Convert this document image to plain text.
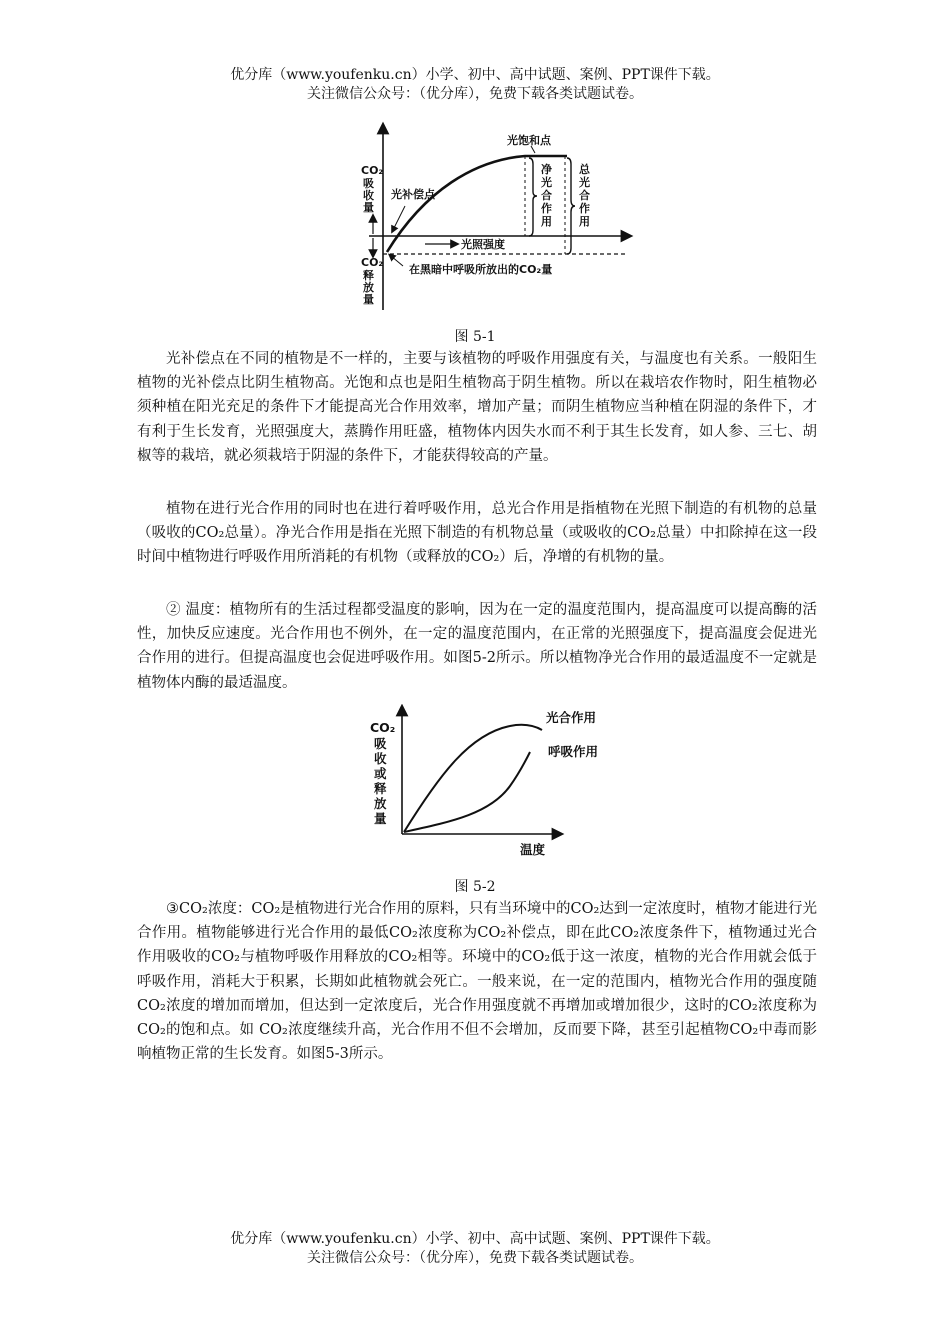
优分库（www.youfenku.cn）小学、初中、高中试题、案例、PPT课件下载。
关注微信公众号：（优分库），免费下载各类试题试卷。
CO₂
吸
收
量
CO₂
释
放
量
光饱和点
光补偿点
净
光
合
作
用
总
光
合
作
用
光照强度
在黑暗中呼吸所放出的CO₂量
图 5-1

光补偿点在不同的植物是不一样的，主要与该植物的呼吸作用强度有关，与温度也有关系。一般阳生植物的光补偿点比阴生植物高。光饱和点也是阳生植物高于阴生植物。所以在栽培农作物时，阳生植物必须种植在阳光充足的条件下才能提高光合作用效率，增加产量；而阴生植物应当种植在阴湿的条件下，才有利于生长发育，光照强度大，蒸腾作用旺盛，植物体内因失水而不利于其生长发育，如人参、三七、胡椒等的栽培，就必须栽培于阴湿的条件下，才能获得较高的产量。

植物在进行光合作用的同时也在进行着呼吸作用，总光合作用是指植物在光照下制造的有机物的总量（吸收的CO₂总量）。净光合作用是指在光照下制造的有机物总量（或吸收的CO₂总量）中扣除掉在这一段时间中植物进行呼吸作用所消耗的有机物（或释放的CO₂）后，净增的有机物的量。

② 温度：植物所有的生活过程都受温度的影响，因为在一定的温度范围内，提高温度可以提高酶的活性，加快反应速度。光合作用也不例外，在一定的温度范围内，在正常的光照强度下，提高温度会促进光合作用的进行。但提高温度也会促进呼吸作用。如图5-2所示。所以植物净光合作用的最适温度不一定就是植物体内酶的最适温度。

CO₂
吸
收
或
释
放
量
光合作用
呼吸作用
温度
图 5-2

③CO₂浓度：CO₂是植物进行光合作用的原料，只有当环境中的CO₂达到一定浓度时，植物才能进行光合作用。植物能够进行光合作用的最低CO₂浓度称为CO₂补偿点，即在此CO₂浓度条件下，植物通过光合作用吸收的CO₂与植物呼吸作用释放的CO₂相等。环境中的CO₂低于这一浓度，植物的光合作用就会低于呼吸作用，消耗大于积累，长期如此植物就会死亡。一般来说，在一定的范围内，植物光合作用的强度随CO₂浓度的增加而增加，但达到一定浓度后，光合作用强度就不再增加或增加很少，这时的CO₂浓度称为CO₂的饱和点。如 CO₂浓度继续升高，光合作用不但不会增加，反而要下降，甚至引起植物CO₂中毒而影响植物正常的生长发育。如图5-3所示。

优分库（www.youfenku.cn）小学、初中、高中试题、案例、PPT课件下载。
关注微信公众号：（优分库），免费下载各类试题试卷。
